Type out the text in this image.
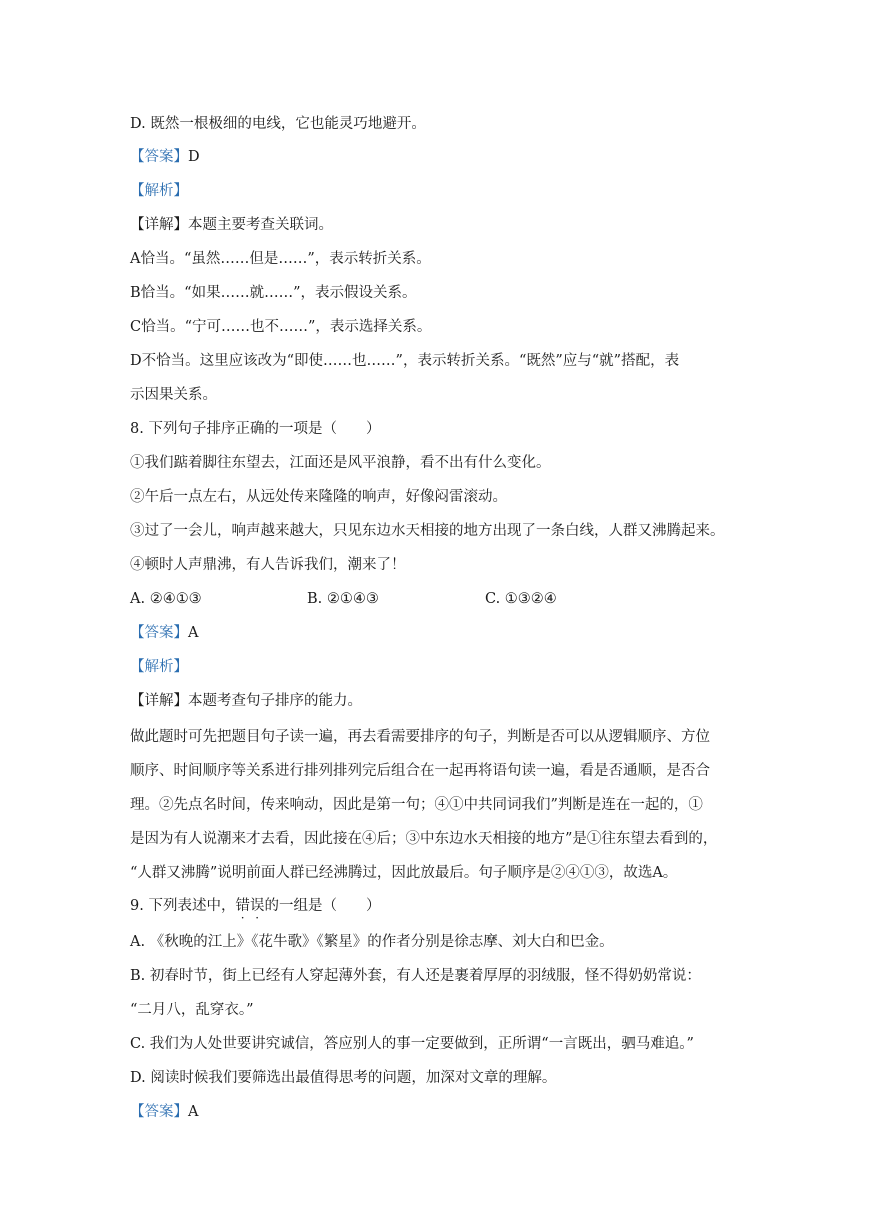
D. 既然一根极细的电线，它也能灵巧地避开。
【答案】D
【解析】
【详解】本题主要考查关联词。
A恰当。“虽然……但是……”，表示转折关系。
B恰当。“如果……就……”，表示假设关系。
C恰当。“宁可……也不……”，表示选择关系。
D不恰当。这里应该改为“即使……也……”，表示转折关系。“既然”应与“就”搭配，表
示因果关系。
8. 下列句子排序正确的一项是（　　）
①我们踮着脚往东望去，江面还是风平浪静，看不出有什么变化。
②午后一点左右，从远处传来隆隆的响声，好像闷雷滚动。
③过了一会儿，响声越来越大，只见东边水天相接的地方出现了一条白线，人群又沸腾起来。
④顿时人声鼎沸，有人告诉我们，潮来了！
A. ②④①③	B. ②①④③	C. ①③②④
【答案】A
【解析】
【详解】本题考查句子排序的能力。
做此题时可先把题目句子读一遍，再去看需要排序的句子，判断是否可以从逻辑顺序、方位
顺序、时间顺序等关系进行排列排列完后组合在一起再将语句读一遍，看是否通顺，是否合
理。②先点名时间，传来响动，因此是第一句；④①中共同词我们”判断是连在一起的，①
是因为有人说潮来才去看，因此接在④后；③中东边水天相接的地方”是①往东望去看到的，
“人群又沸腾”说明前面人群已经沸腾过，因此放最后。句子顺序是②④①③，故选A。
9. 下列表述中，错误的一组是（　　）
A. 《秋晚的江上》《花牛歌》《繁星》的作者分别是徐志摩、刘大白和巴金。
B. 初春时节，街上已经有人穿起薄外套，有人还是裹着厚厚的羽绒服，怪不得奶奶常说：
“二月八，乱穿衣。”
C. 我们为人处世要讲究诚信，答应别人的事一定要做到，正所谓“一言既出，驷马难追。”
D. 阅读时候我们要筛选出最值得思考的问题，加深对文章的理解。
【答案】A
